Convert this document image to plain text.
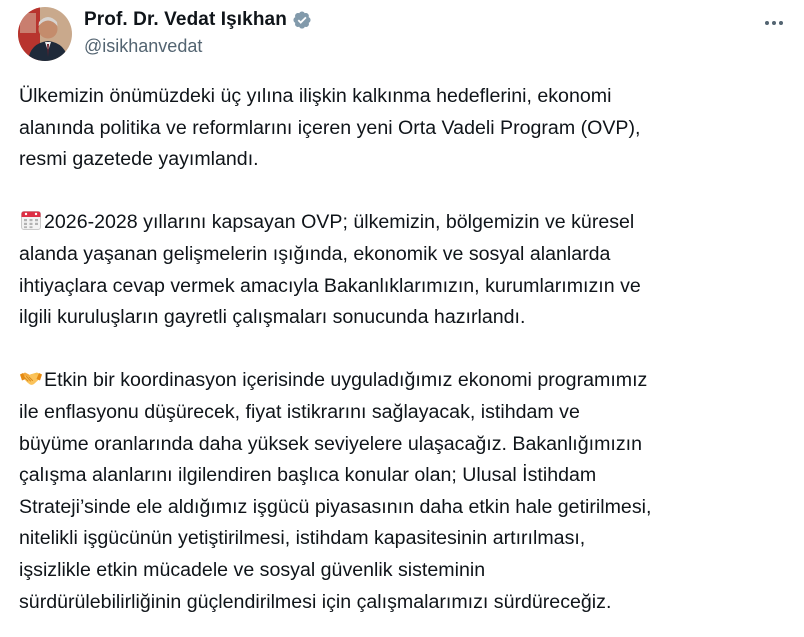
Prof. Dr. Vedat Işıkhan
@isikhanvedat

Ülkemizin önümüzdeki üç yılına ilişkin kalkınma hedeflerini, ekonomi
alanında politika ve reformlarını içeren yeni Orta Vadeli Program (OVP),
resmi gazetede yayımlandı.

2026-2028 yıllarını kapsayan OVP; ülkemizin, bölgemizin ve küresel
alanda yaşanan gelişmelerin ışığında, ekonomik ve sosyal alanlarda
ihtiyaçlara cevap vermek amacıyla Bakanlıklarımızın, kurumlarımızın ve
ilgili kuruluşların gayretli çalışmaları sonucunda hazırlandı.

Etkin bir koordinasyon içerisinde uyguladığımız ekonomi programımız
ile enflasyonu düşürecek, fiyat istikrarını sağlayacak, istihdam ve
büyüme oranlarında daha yüksek seviyelere ulaşacağız. Bakanlığımızın
çalışma alanlarını ilgilendiren başlıca konular olan; Ulusal İstihdam
Strateji’sinde ele aldığımız işgücü piyasasının daha etkin hale getirilmesi,
nitelikli işgücünün yetiştirilmesi, istihdam kapasitesinin artırılması,
işsizlikle etkin mücadele ve sosyal güvenlik sisteminin
sürdürülebilirliğinin güçlendirilmesi için çalışmalarımızı sürdüreceğiz.
